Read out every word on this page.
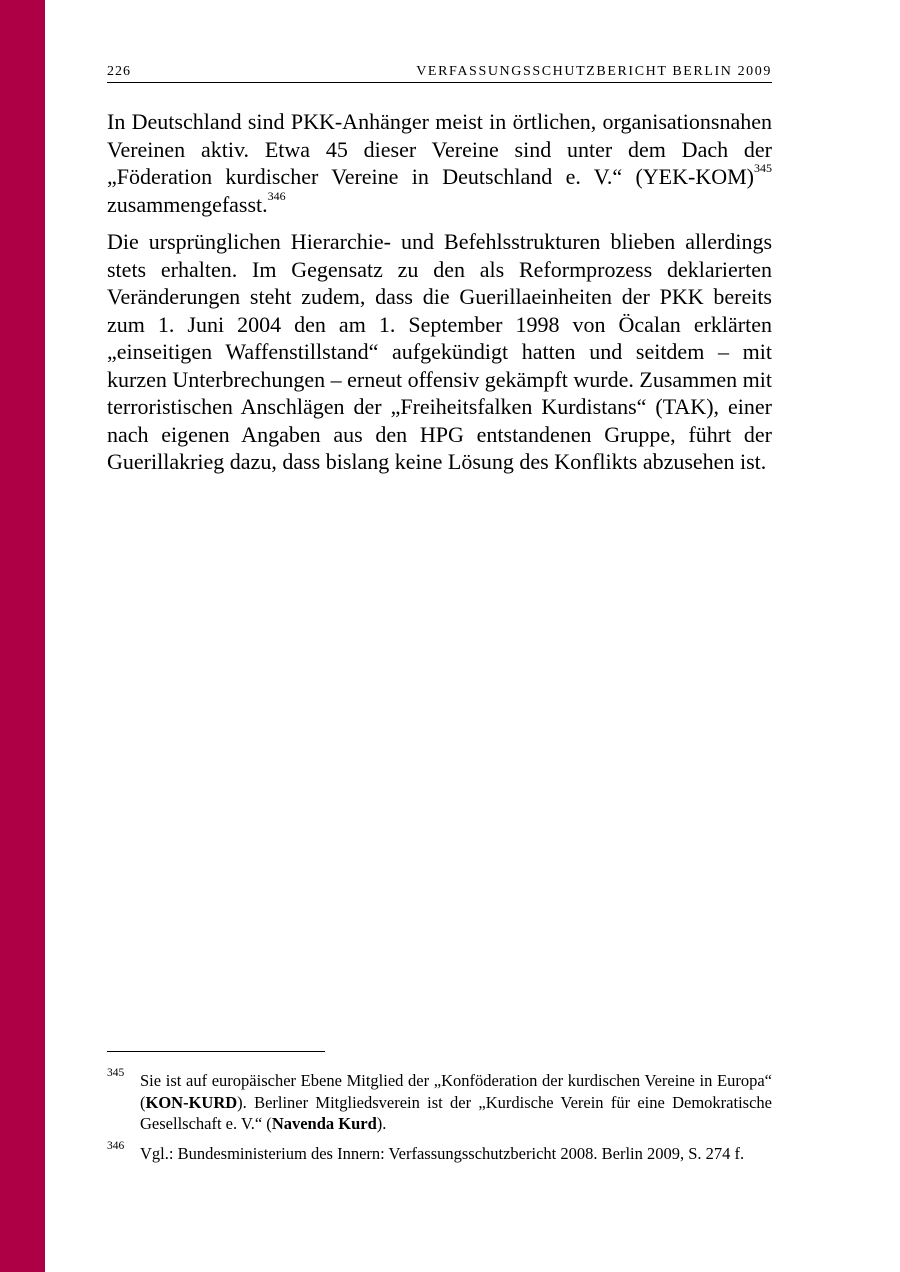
226	VERFASSUNGSSCHUTZBERICHT BERLIN 2009

In Deutschland sind PKK-Anhänger meist in örtlichen, organisationsnahen Vereinen aktiv. Etwa 45 dieser Vereine sind unter dem Dach der „Föderation kurdischer Vereine in Deutschland e. V.“ $(YEK-KOM)^{345}$ zusammengefasst.$^{346}$

Die ursprünglichen Hierarchie- und Befehlsstrukturen blieben allerdings stets erhalten. Im Gegensatz zu den als Reformprozess deklarierten Veränderungen steht zudem, dass die Guerillaeinheiten der PKK bereits zum 1. Juni 2004 den am 1. September 1998 von Öcalan erklärten „einseitigen Waffenstillstand“ aufgekündigt hatten und seitdem – mit kurzen Unterbrechungen – erneut offensiv gekämpft wurde. Zusammen mit terroristischen Anschlägen der „Freiheitsfalken Kurdistans“ (TAK), einer nach eigenen Angaben aus den HPG entstandenen Gruppe, führt der Guerillakrieg dazu, dass bislang keine Lösung des Konflikts abzusehen ist.

345 Sie ist auf europäischer Ebene Mitglied der „Konföderation der kurdischen Vereine in Europa“ (KON-KURD). Berliner Mitgliedsverein ist der „Kurdische Verein für eine Demokratische Gesellschaft e. V.“ (Navenda Kurd).
346 Vgl.: Bundesministerium des Innern: Verfassungsschutzbericht 2008. Berlin 2009, S. 274 f.
